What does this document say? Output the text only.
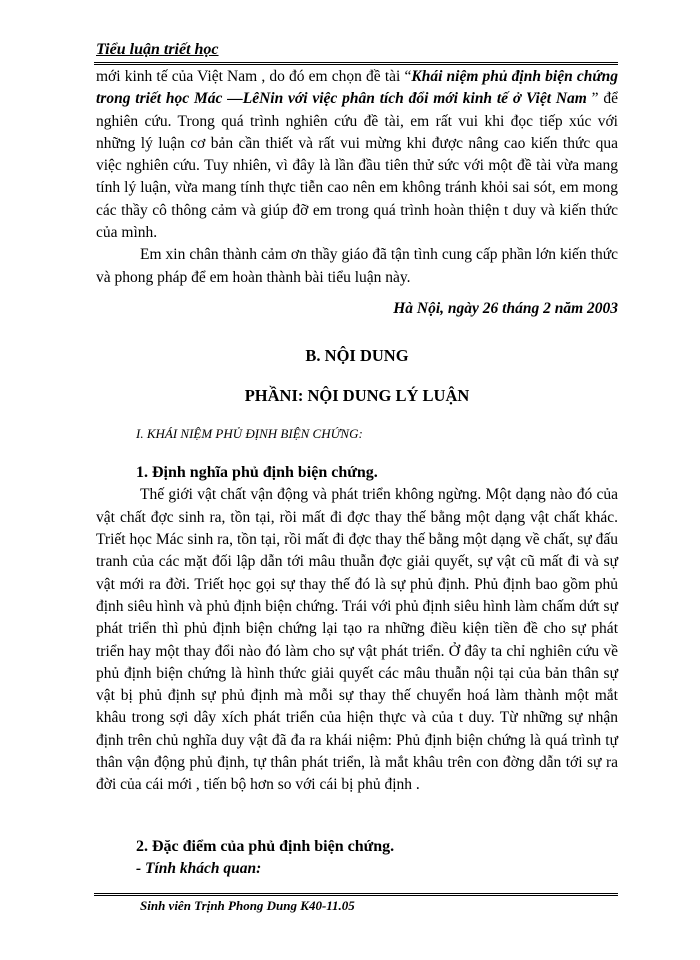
Tiểu luận triết học

mới kinh tế của Việt Nam , do đó em chọn đề tài “Khái niệm phủ định biện chứng trong triết học Mác —LêNin với việc phân tích đổi mới kinh tế ở Việt Nam ” để nghiên cứu. Trong quá trình nghiên cứu đề tài, em rất vui khi đọc tiếp xúc với những lý luận cơ bản cần thiết và rất vui mừng khi được nâng cao kiến thức qua việc nghiên cứu. Tuy nhiên, vì đây là lần đầu tiên thử sức với một đề tài vừa mang tính lý luận, vừa mang tính thực tiễn cao nên em không tránh khỏi sai sót, em mong các thầy cô thông cảm và giúp đỡ em trong quá trình hoàn thiện t duy và kiến thức của mình.

Em xin chân thành cảm ơn thầy giáo đã tận tình cung cấp phần lớn kiến thức và phong pháp để em hoàn thành bài tiểu luận này.

Hà Nội, ngày 26 tháng 2 năm 2003

B. NỘI DUNG

PHẦNI: NỘI DUNG LÝ LUẬN

I. KHÁI NIỆM PHỦ ĐỊNH BIỆN CHỨNG:

1. Định nghĩa phủ định biện chứng.

Thế giới vật chất vận động và phát triển không ngừng. Một dạng nào đó của vật chất đợc sinh ra, tồn tại, rồi mất đi đợc thay thế bằng một dạng vật chất khác. Triết học Mác sinh ra, tồn tại, rồi mất đi đợc thay thế bằng một dạng về chất, sự đấu tranh của các mặt đối lập dẫn tới mâu thuẫn đợc giải quyết, sự vật cũ mất đi và sự vật mới ra đời. Triết học gọi sự thay thế đó là sự phủ định. Phủ định bao gồm phủ định siêu hình và phủ định biện chứng. Trái với phủ định siêu hình làm chấm dứt sự phát triển thì phủ định biện chứng lại tạo ra những điều kiện tiền đề cho sự phát triển hay một thay đổi nào đó làm cho sự vật phát triển. Ở đây ta chỉ nghiên cứu về phủ định biện chứng là hình thức giải quyết các mâu thuẫn nội tại của bản thân sự vật bị phủ định sự phủ định mà mỗi sự thay thế chuyển hoá làm thành một mắt khâu trong sợi dây xích phát triển của hiện thực và của t duy. Từ những sự nhận định trên chủ nghĩa duy vật đã đa ra khái niệm: Phủ định biện chứng là quá trình tự thân vận động phủ định, tự thân phát triển, là mắt khâu trên con đờng dẫn tới sự ra đời của cái mới , tiến bộ hơn so với cái bị phủ định .

2. Đặc điểm của phủ định biện chứng.

- Tính khách quan:

Sinh viên Trịnh Phong Dung K40-11.05
